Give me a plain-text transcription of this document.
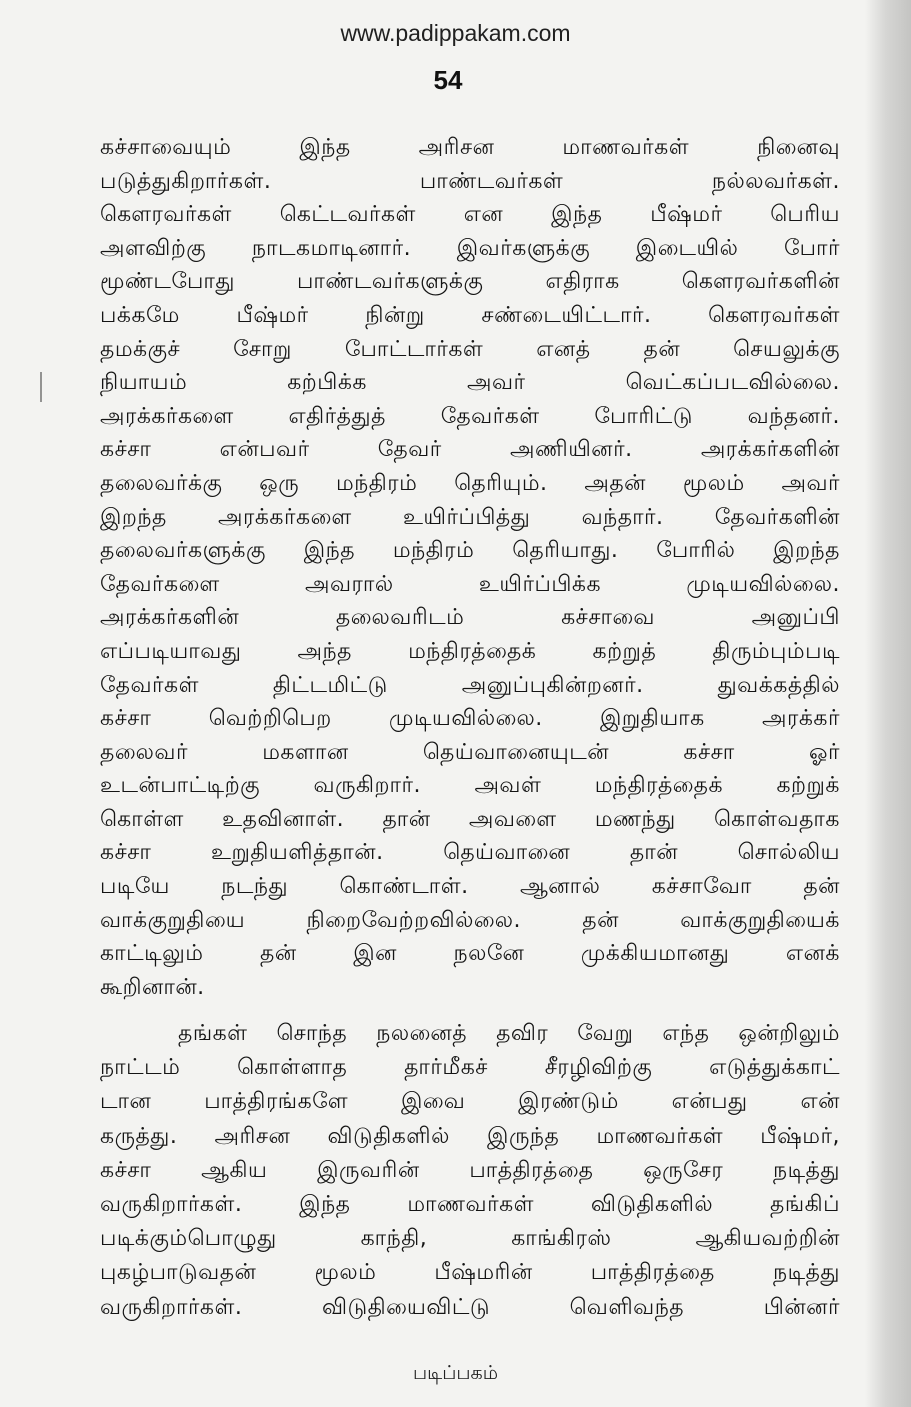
www.padippakam.com
54
கச்சாவையும் இந்த அரிசன மாணவர்கள் நினைவு
படுத்துகிறார்கள். பாண்டவர்கள் நல்லவர்கள்.
கௌரவர்கள் கெட்டவர்கள் என இந்த பீஷ்மர் பெரிய
அளவிற்கு நாடகமாடினார். இவர்களுக்கு இடையில் போர்
மூண்டபோது பாண்டவர்களுக்கு எதிராக கௌரவர்களின்
பக்கமே பீஷ்மர் நின்று சண்டையிட்டார். கௌரவர்கள்
தமக்குச் சோறு போட்டார்கள் எனத் தன் செயலுக்கு
நியாயம் கற்பிக்க அவர் வெட்கப்படவில்லை.
அரக்கர்களை எதிர்த்துத் தேவர்கள் போரிட்டு வந்தனர்.
கச்சா என்பவர் தேவர் அணியினர். அரக்கர்களின்
தலைவர்க்கு ஒரு மந்திரம் தெரியும். அதன் மூலம் அவர்
இறந்த அரக்கர்களை உயிர்ப்பித்து வந்தார். தேவர்களின்
தலைவர்களுக்கு இந்த மந்திரம் தெரியாது. போரில் இறந்த
தேவர்களை அவரால் உயிர்ப்பிக்க முடியவில்லை.
அரக்கர்களின் தலைவரிடம் கச்சாவை அனுப்பி
எப்படியாவது அந்த மந்திரத்தைக் கற்றுத் திரும்பும்படி
தேவர்கள் திட்டமிட்டு அனுப்புகின்றனர். துவக்கத்தில்
கச்சா வெற்றிபெற முடியவில்லை. இறுதியாக அரக்கர்
தலைவர் மகளான தெய்வானையுடன் கச்சா ஓர்
உடன்பாட்டிற்கு வருகிறார். அவள் மந்திரத்தைக் கற்றுக்
கொள்ள உதவினாள். தான் அவளை மணந்து கொள்வதாக
கச்சா உறுதியளித்தான். தெய்வானை தான் சொல்லிய
படியே நடந்து கொண்டாள். ஆனால் கச்சாவோ தன்
வாக்குறுதியை நிறைவேற்றவில்லை. தன் வாக்குறுதியைக்
காட்டிலும் தன் இன நலனே முக்கியமானது எனக்
கூறினான்.
தங்கள் சொந்த நலனைத் தவிர வேறு எந்த ஒன்றிலும்
நாட்டம் கொள்ளாத தார்மீகச் சீரழிவிற்கு எடுத்துக்காட்
டான பாத்திரங்களே இவை இரண்டும் என்பது என்
கருத்து. அரிசன விடுதிகளில் இருந்த மாணவர்கள் பீஷ்மர்,
கச்சா ஆகிய இருவரின் பாத்திரத்தை ஒருசேர நடித்து
வருகிறார்கள். இந்த மாணவர்கள் விடுதிகளில் தங்கிப்
படிக்கும்பொழுது காந்தி, காங்கிரஸ் ஆகியவற்றின்
புகழ்பாடுவதன் மூலம் பீஷ்மரின் பாத்திரத்தை நடித்து
வருகிறார்கள். விடுதியைவிட்டு வெளிவந்த பின்னர்
படிப்பகம்
